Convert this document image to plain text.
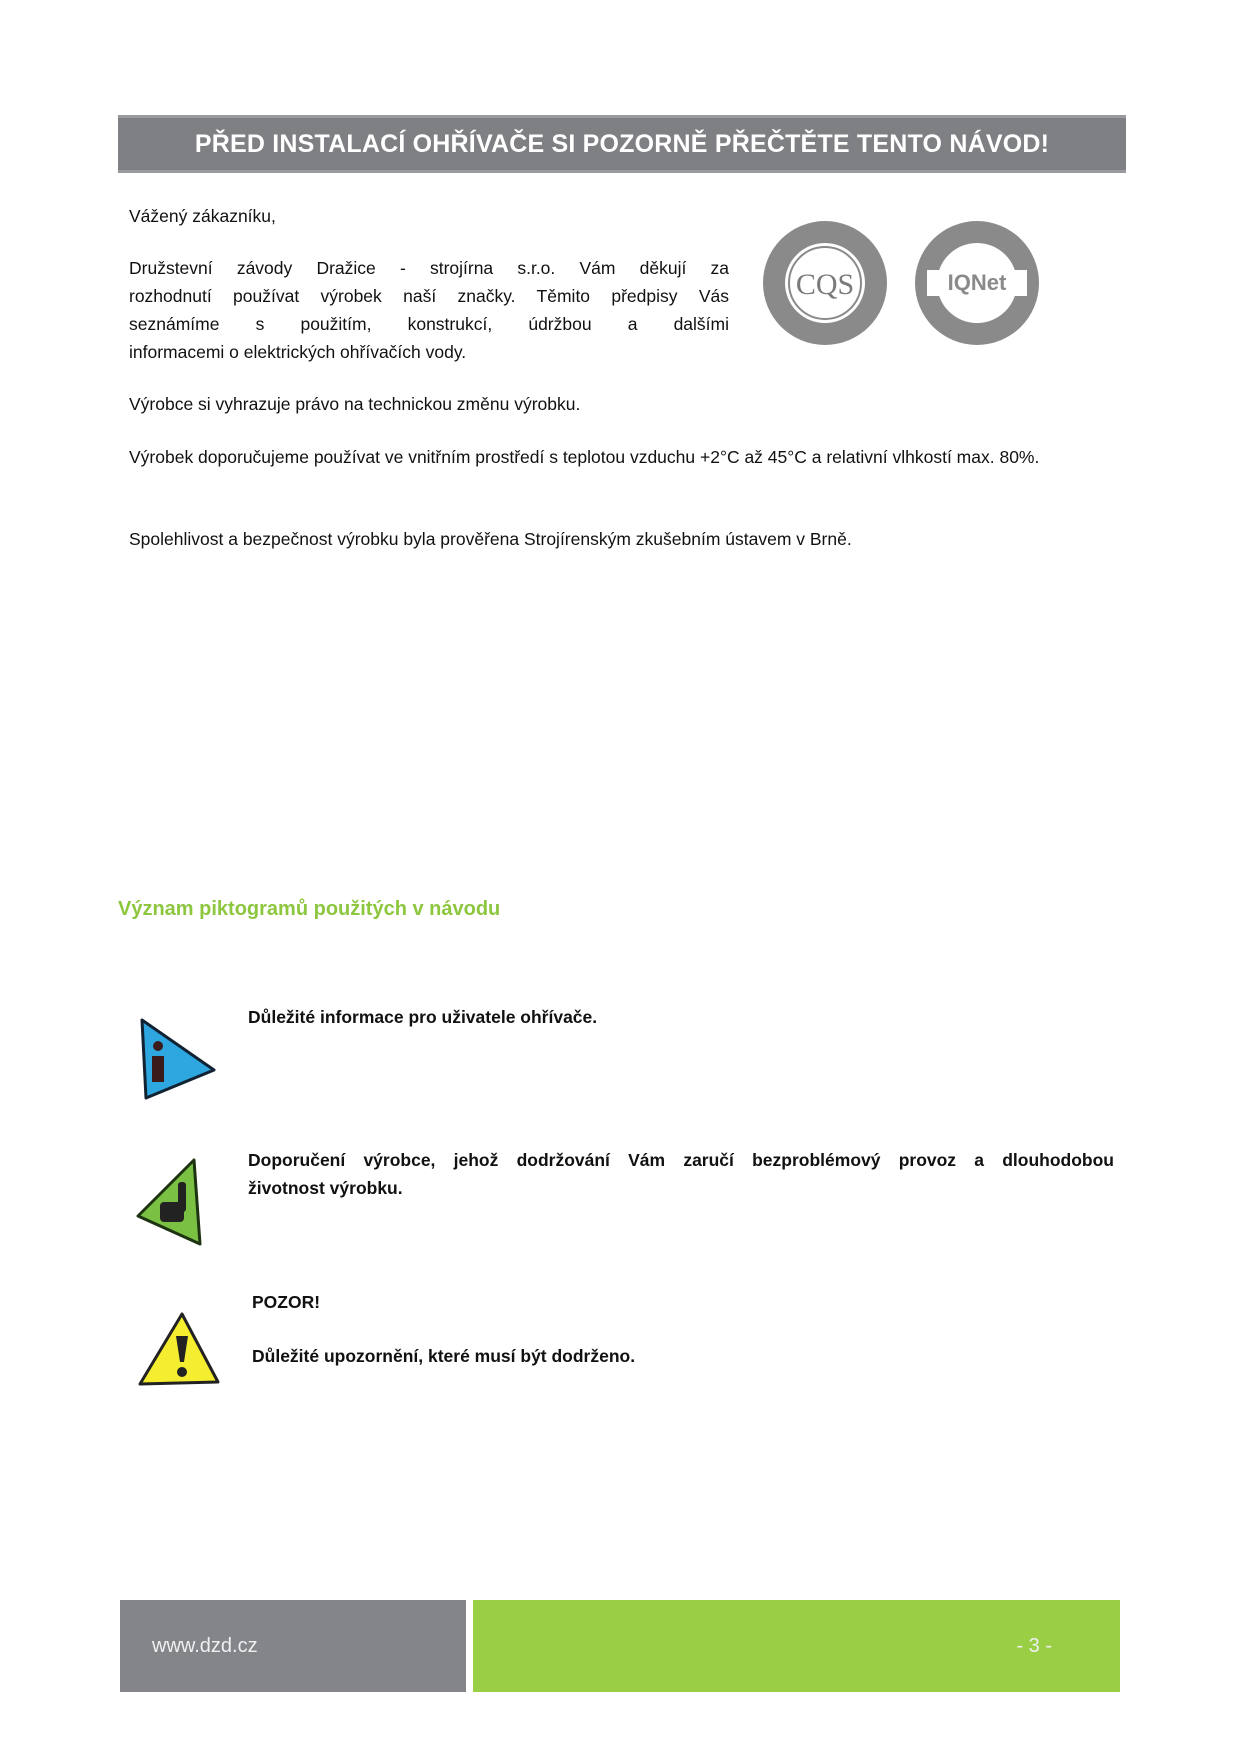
PŘED INSTALACÍ OHŘÍVAČE SI POZORNĚ PŘEČTĚTE TENTO NÁVOD!
Vážený zákazníku,
Družstevní závody Dražice - strojírna s.r.o. Vám děkují za
rozhodnutí používat výrobek naší značky. Těmito předpisy Vás
seznámíme s použitím, konstrukcí, údržbou a dalšími
informacemi o elektrických ohřívačích vody.
CQS	IQNet
Výrobce si vyhrazuje právo na technickou změnu výrobku.
Výrobek doporučujeme používat ve vnitřním prostředí s teplotou vzduchu +2°C až 45°C a relativní vlhkostí max. 80%.
Spolehlivost a bezpečnost výrobku byla prověřena Strojírenským zkušebním ústavem v Brně.
Význam piktogramů použitých v návodu
Důležité informace pro uživatele ohřívače.
Doporučení výrobce, jehož dodržování Vám zaručí bezproblémový provoz a dlouhodobou
životnost výrobku.
POZOR!
Důležité upozornění, které musí být dodrženo.
www.dzd.cz	- 3 -
